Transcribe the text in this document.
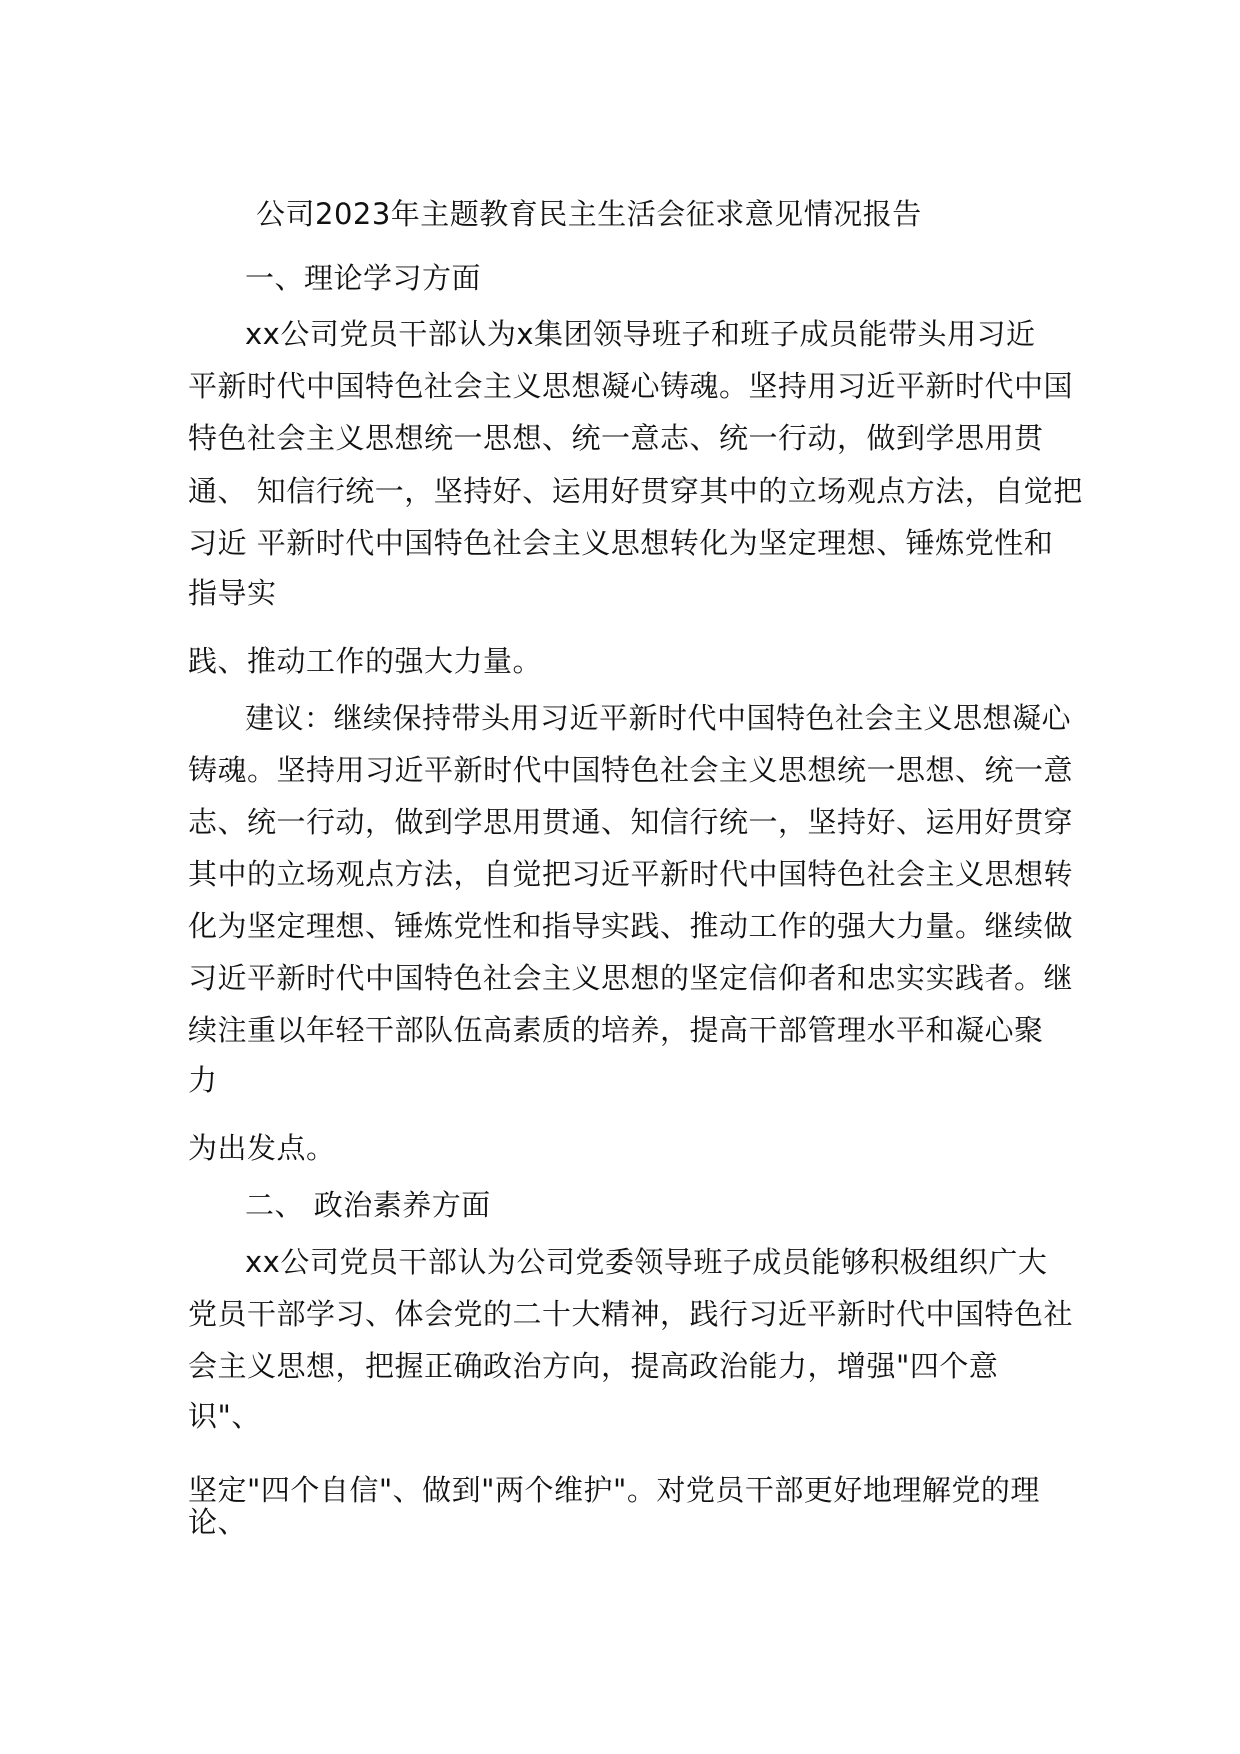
公司2023年主题教育民主生活会征求意见情况报告
一、理论学习方面
xx公司党员干部认为x集团领导班子和班子成员能带头用习近
平新时代中国特色社会主义思想凝心铸魂。坚持用习近平新时代中国
特色社会主义思想统一思想、统一意志、统一行动，做到学思用贯
通、 知信行统一，坚持好、运用好贯穿其中的立场观点方法，自觉把
习近 平新时代中国特色社会主义思想转化为坚定理想、锤炼党性和
指导实
践、推动工作的强大力量。
建议：继续保持带头用习近平新时代中国特色社会主义思想凝心
铸魂。坚持用习近平新时代中国特色社会主义思想统一思想、统一意
志、统一行动，做到学思用贯通、知信行统一，坚持好、运用好贯穿
其中的立场观点方法，自觉把习近平新时代中国特色社会主义思想转
化为坚定理想、锤炼党性和指导实践、推动工作的强大力量。继续做
习近平新时代中国特色社会主义思想的坚定信仰者和忠实实践者。继
续注重以年轻干部队伍高素质的培养，提高干部管理水平和凝心聚
力
为出发点。
二、 政治素养方面
xx公司党员干部认为公司党委领导班子成员能够积极组织广大
党员干部学习、体会党的二十大精神，践行习近平新时代中国特色社
会主义思想，把握正确政治方向，提高政治能力，增强"四个意
识"、
坚定"四个自信"、做到"两个维护"。对党员干部更好地理解党的理
论、
